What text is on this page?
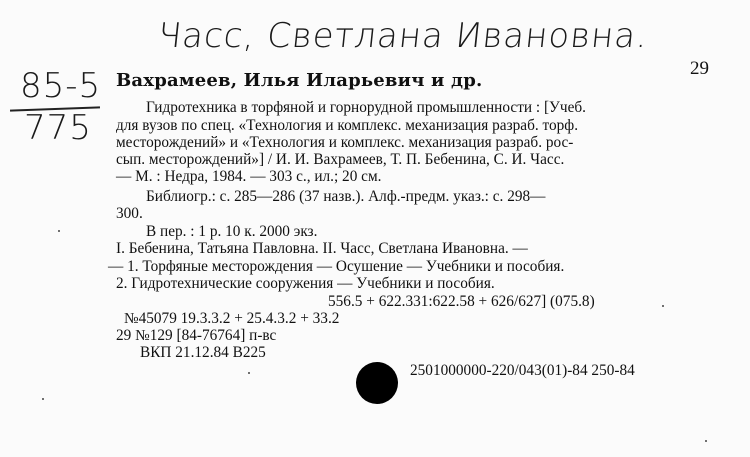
Часс, Светлана Ивановна.
85-5
775
29
Вахрамеев, Илья Иларьевич и др.
Гидротехника в торфяной и горнорудной промышленности : [Учеб.
для вузов по спец. «Технология и комплекс. механизация разраб. торф.
месторождений» и «Технология и комплекс. механизация разраб. рос-
сып. месторождений»] / И. И. Вахрамеев, Т. П. Бебенина, С. И. Часс.
— М. : Недра, 1984. — 303 с., ил.; 20 см.
Библиогр.: с. 285—286 (37 назв.). Алф.-предм. указ.: с. 298—
300.
В пер. : 1 р. 10 к. 2000 экз.
I. Бебенина, Татьяна Павловна. II. Часс, Светлана Ивановна. —
— 1. Торфяные месторождения — Осушение — Учебники и пособия.
2. Гидротехнические сооружения — Учебники и пособия.
556.5 + 622.331:622.58 + 626/627] (075.8)
№45079 19.3.3.2 + 25.4.3.2 + 33.2
29 №129 [84-76764] п-вс
ВКП 21.12.84 В225
2501000000-220/043(01)-84 250-84
